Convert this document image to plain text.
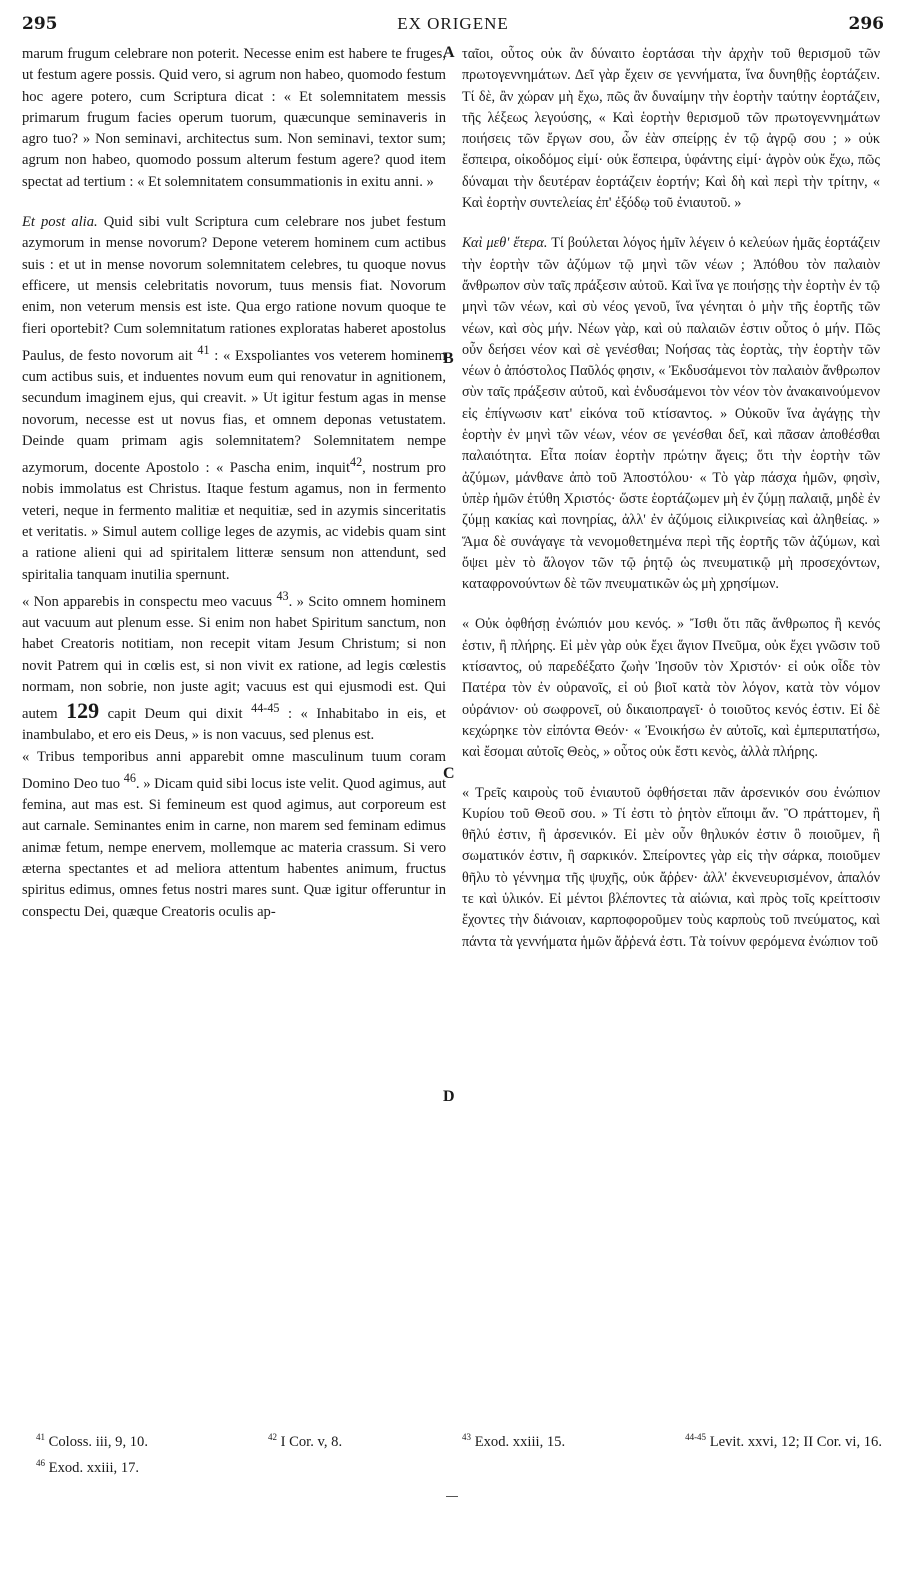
295	EX ORIGENE	296
A
B
C
D

marum frugum celebrare non poterit. Necesse enim est habere te fruges, ut festum agere possis. Quid vero, si agrum non habeo, quomodo festum hoc agere potero, cum Scriptura dicat : « Et solemnitatem messis primarum frugum facies operum tuorum, quæcunque seminaveris in agro tuo? » Non seminavi, architectus sum. Non seminavi, textor sum; agrum non habeo, quomodo possum alterum festum agere? quod item spectat ad tertium : « Et solemnitatem consummationis in exitu anni. »

Et post alia. Quid sibi vult Scriptura cum celebrare nos jubet festum azymorum in mense novorum? Depone veterem hominem cum actibus suis : et ut in mense novorum solemnitatem celebres, tu quoque novus efficere, ut mensis celebritatis novorum, tuus mensis fiat. Novorum enim, non veterum mensis est iste. Qua ergo ratione novum quoque te fieri oportebit? Cum solemnitatum rationes exploratas haberet apostolus Paulus, de festo novorum ait $^{41}$ : « Exspoliantes vos veterem hominem cum actibus suis, et induentes novum eum qui renovatur in agnitionem, secundum imaginem ejus, qui creavit. » Ut igitur festum agas in mense novorum, necesse est ut novus fias, et omnem deponas vetustatem. Deinde quam primam agis solemnitatem? Solemnitatem nempe azymorum, docente Apostolo : « Pascha enim, inquit$^{42}$, nostrum pro nobis immolatus est Christus. Itaque festum agamus, non in fermento veteri, neque in fermento malitiæ et nequitiæ, sed in azymis sinceritatis et veritatis. » Simul autem collige leges de azymis, ac videbis quam sint a ratione alieni qui ad spiritalem litteræ sensum non attendunt, sed spiritalia tanquam inutilia spernunt.

« Non apparebis in conspectu meo vacuus $^{43}$. » Scito omnem hominem aut vacuum aut plenum esse. Si enim non habet Spiritum sanctum, non habet Creatoris notitiam, non recepit vitam Jesum Christum; si non novit Patrem qui in cœlis est, si non vivit ex ratione, ad legis cœlestis normam, non sobrie, non juste agit; vacuus est qui ejusmodi est. Qui autem 129 capit Deum qui dixit $^{44-45}$ : « Inhabitabo in eis, et inambulabo, et ero eis Deus, » is non vacuus, sed plenus est.

« Tribus temporibus anni apparebit omne masculinum tuum coram Domino Deo tuo $^{46}$. » Dicam quid sibi locus iste velit. Quod agimus, aut femina, aut mas est. Si femineum est quod agimus, aut corporeum est aut carnale. Seminantes enim in carne, non marem sed feminam edimus animæ fetum, nempe enervem, mollemque ac materia crassum. Si vero æterna spectantes et ad meliora attentum habentes animum, fructus spiritus edimus, omnes fetus nostri mares sunt. Quæ igitur offeruntur in conspectu Dei, quæque Creatoris oculis ap-

ταῖοι, οὗτος οὐκ ἂν δύναιτο ἑορτάσαι τὴν ἀρχὴν τοῦ θερισμοῦ τῶν πρωτογεννημάτων. Δεῖ γὰρ ἔχειν σε γεννήματα, ἵνα δυνηθῇς ἑορτάζειν. Τί δὲ, ἂν χώραν μὴ ἔχω, πῶς ἂν δυναίμην τὴν ἑορτὴν ταύτην ἑορτάζειν, τῆς λέξεως λεγούσης, « Καὶ ἑορτὴν θερισμοῦ τῶν πρωτογεννημάτων ποιήσεις τῶν ἔργων σου, ὧν ἐὰν σπείρῃς ἐν τῷ ἀγρῷ σου ; » οὐκ ἔσπειρα, οἰκοδόμος εἰμί· οὐκ ἔσπειρα, ὑφάντης εἰμί· ἀγρὸν οὐκ ἔχω, πῶς δύναμαι τὴν δευτέραν ἑορτάζειν ἑορτήν; Καὶ δὴ καὶ περὶ τὴν τρίτην, « Καὶ ἑορτὴν συντελείας ἐπ' ἐξόδῳ τοῦ ἐνιαυτοῦ. »

Καὶ μεθ' ἕτερα. Τί βούλεται λόγος ἡμῖν λέγειν ὁ κελεύων ἡμᾶς ἑορτάζειν τὴν ἑορτὴν τῶν ἀζύμων τῷ μηνὶ τῶν νέων ; Ἀπόθου τὸν παλαιὸν ἄνθρωπον σὺν ταῖς πράξεσιν αὐτοῦ. Καὶ ἵνα γε ποιήσῃς τὴν ἑορτὴν ἐν τῷ μηνὶ τῶν νέων, καὶ σὺ νέος γενοῦ, ἵνα γένηται ὁ μὴν τῆς ἑορτῆς τῶν νέων, καὶ σὸς μήν. Νέων γὰρ, καὶ οὐ παλαιῶν ἐστιν οὗτος ὁ μήν. Πῶς οὖν δεήσει νέον καὶ σὲ γενέσθαι; Νοήσας τὰς ἑορτὰς, τὴν ἑορτὴν τῶν νέων ὁ ἀπόστολος Παῦλός φησιν, « Ἐκδυσάμενοι τὸν παλαιὸν ἄνθρωπον σὺν ταῖς πράξεσιν αὐτοῦ, καὶ ἐνδυσάμενοι τὸν νέον τὸν ἀνακαινούμενον εἰς ἐπίγνωσιν κατ' εἰκόνα τοῦ κτίσαντος. » Οὐκοῦν ἵνα ἀγάγῃς τὴν ἑορτὴν ἐν μηνὶ τῶν νέων, νέον σε γενέσθαι δεῖ, καὶ πᾶσαν ἀποθέσθαι παλαιότητα. Εἶτα ποίαν ἑορτὴν πρώτην ἄγεις; ὅτι τὴν ἑορτὴν τῶν ἀζύμων, μάνθανε ἀπὸ τοῦ Ἀποστόλου· « Τὸ γὰρ πάσχα ἡμῶν, φησὶν, ὑπὲρ ἡμῶν ἐτύθη Χριστός· ὥστε ἑορτάζωμεν μὴ ἐν ζύμῃ παλαιᾷ, μηδὲ ἐν ζύμῃ κακίας καὶ πονηρίας, ἀλλ' ἐν ἀζύμοις εἰλικρινείας καὶ ἀληθείας. » Ἅμα δὲ συνάγαγε τὰ νενομοθετημένα περὶ τῆς ἑορτῆς τῶν ἀζύμων, καὶ ὄψει μὲν τὸ ἄλογον τῶν τῷ ῥητῷ ὡς πνευματικῷ μὴ προσεχόντων, καταφρονούντων δὲ τῶν πνευματικῶν ὡς μὴ χρησίμων.

« Οὐκ ὀφθήσῃ ἐνώπιόν μου κενός. » Ἴσθι ὅτι πᾶς ἄνθρωπος ἢ κενός ἐστιν, ἢ πλήρης. Εἰ μὲν γὰρ οὐκ ἔχει ἅγιον Πνεῦμα, οὐκ ἔχει γνῶσιν τοῦ κτίσαντος, οὐ παρεδέξατο ζωὴν Ἰησοῦν τὸν Χριστόν· εἰ οὐκ οἶδε τὸν Πατέρα τὸν ἐν οὐρανοῖς, εἰ οὐ βιοῖ κατὰ τὸν λόγον, κατὰ τὸν νόμον οὐράνιον· οὐ σωφρονεῖ, οὐ δικαιοπραγεῖ· ὁ τοιοῦτος κενός ἐστιν. Εἰ δὲ κεχώρηκε τὸν εἰπόντα Θεόν· « Ἐνοικήσω ἐν αὐτοῖς, καὶ ἐμπεριπατήσω, καὶ ἔσομαι αὐτοῖς Θεὸς, » οὗτος οὐκ ἔστι κενὸς, ἀλλὰ πλήρης.

« Τρεῖς καιροὺς τοῦ ἐνιαυτοῦ ὀφθήσεται πᾶν ἀρσενικόν σου ἐνώπιον Κυρίου τοῦ Θεοῦ σου. » Τί ἐστι τὸ ῥητὸν εἴποιμι ἄν. Ὃ πράττομεν, ἢ θῆλύ ἐστιν, ἢ ἀρσενικόν. Εἰ μὲν οὖν θηλυκόν ἐστιν ὃ ποιοῦμεν, ἢ σωματικόν ἐστιν, ἢ σαρκικόν. Σπείροντες γὰρ εἰς τὴν σάρκα, ποιοῦμεν θῆλυ τὸ γέννημα τῆς ψυχῆς, οὐκ ἄῤῥεν· ἀλλ' ἐκνενευρισμένον, ἁπαλόν τε καὶ ὑλικόν. Εἰ μέντοι βλέποντες τὰ αἰώνια, καὶ πρὸς τοῖς κρείττοσιν ἔχοντες τὴν διάνοιαν, καρποφοροῦμεν τοὺς καρποὺς τοῦ πνεύματος, καὶ πάντα τὰ γεννήματα ἡμῶν ἄῤῥενά ἐστι. Τὰ τοίνυν φερόμενα ἐνώπιον τοῦ

$^{41}$ Coloss. iii, 9, 10.	$^{42}$ I Cor. v, 8.	$^{43}$ Exod. xxiii, 15.	$^{44-45}$ Levit. xxvi, 12; II Cor. vi, 16.
$^{46}$ Exod. xxiii, 17.
